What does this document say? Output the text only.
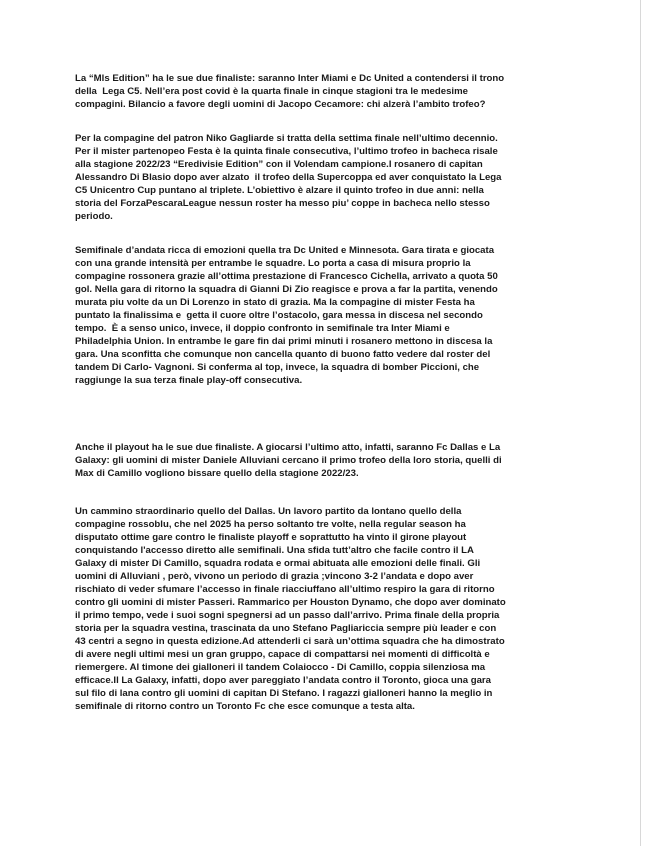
La “Mls Edition” ha le sue due finaliste: saranno Inter Miami e Dc United a contendersi il trono

della  Lega C5. Nell’era post covid è la quarta finale in cinque stagioni tra le medesime

compagini. Bilancio a favore degli uomini di Jacopo Cecamore: chi alzerà l’ambito trofeo?

Per la compagine del patron Niko Gagliarde si tratta della settima finale nell’ultimo decennio.

Per il mister partenopeo Festa è la quinta finale consecutiva, l’ultimo trofeo in bacheca risale

alla stagione 2022/23 “Eredivisie Edition” con il Volendam campione.I rosanero di capitan

Alessandro Di Blasio dopo aver alzato  il trofeo della Supercoppa ed aver conquistato la Lega

C5 Unicentro Cup puntano al triplete. L’obiettivo è alzare il quinto trofeo in due anni: nella

storia del ForzaPescaraLeague nessun roster ha messo piu’ coppe in bacheca nello stesso

periodo.

Semifinale d’andata ricca di emozioni quella tra Dc United e Minnesota. Gara tirata e giocata

con una grande intensità per entrambe le squadre. Lo porta a casa di misura proprio la

compagine rossonera grazie all’ottima prestazione di Francesco Cichella, arrivato a quota 50

gol. Nella gara di ritorno la squadra di Gianni Di Zio reagisce e prova a far la partita, venendo

murata piu volte da un Di Lorenzo in stato di grazia. Ma la compagine di mister Festa ha

puntato la finalissima e  getta il cuore oltre l’ostacolo, gara messa in discesa nel secondo

tempo.  È a senso unico, invece, il doppio confronto in semifinale tra Inter Miami e

Philadelphia Union. In entrambe le gare fin dai primi minuti i rosanero mettono in discesa la

gara. Una sconfitta che comunque non cancella quanto di buono fatto vedere dal roster del

tandem Di Carlo- Vagnoni. Si conferma al top, invece, la squadra di bomber Piccioni, che

raggiunge la sua terza finale play-off consecutiva.

Anche il playout ha le sue due finaliste. A giocarsi l’ultimo atto, infatti, saranno Fc Dallas e La

Galaxy: gli uomini di mister Daniele Alluviani cercano il primo trofeo della loro storia, quelli di

Max di Camillo vogliono bissare quello della stagione 2022/23.

Un cammino straordinario quello del Dallas. Un lavoro partito da lontano quello della

compagine rossoblu, che nel 2025 ha perso soltanto tre volte, nella regular season ha

disputato ottime gare contro le finaliste playoff e soprattutto ha vinto il girone playout

conquistando l'accesso diretto alle semifinali. Una sfida tutt’altro che facile contro il LA

Galaxy di mister Di Camillo, squadra rodata e ormai abituata alle emozioni delle finali. Gli

uomini di Alluviani , però, vivono un periodo di grazia ;vincono 3-2 l’andata e dopo aver

rischiato di veder sfumare l’accesso in finale riacciuffano all’ultimo respiro la gara di ritorno

contro gli uomini di mister Passeri. Rammarico per Houston Dynamo, che dopo aver dominato

il primo tempo, vede i suoi sogni spegnersi ad un passo dall’arrivo. Prima finale della propria

storia per la squadra vestina, trascinata da uno Stefano Pagliariccia sempre più leader e con

43 centri a segno in questa edizione.Ad attenderli ci sarà un’ottima squadra che ha dimostrato

di avere negli ultimi mesi un gran gruppo, capace di compattarsi nei momenti di difficoltà e

riemergere. Al timone dei gialloneri il tandem Colaiocco - Di Camillo, coppia silenziosa ma

efficace.Il La Galaxy, infatti, dopo aver pareggiato l’andata contro il Toronto, gioca una gara

sul filo di lana contro gli uomini di capitan Di Stefano. I ragazzi gialloneri hanno la meglio in

semifinale di ritorno contro un Toronto Fc che esce comunque a testa alta.
